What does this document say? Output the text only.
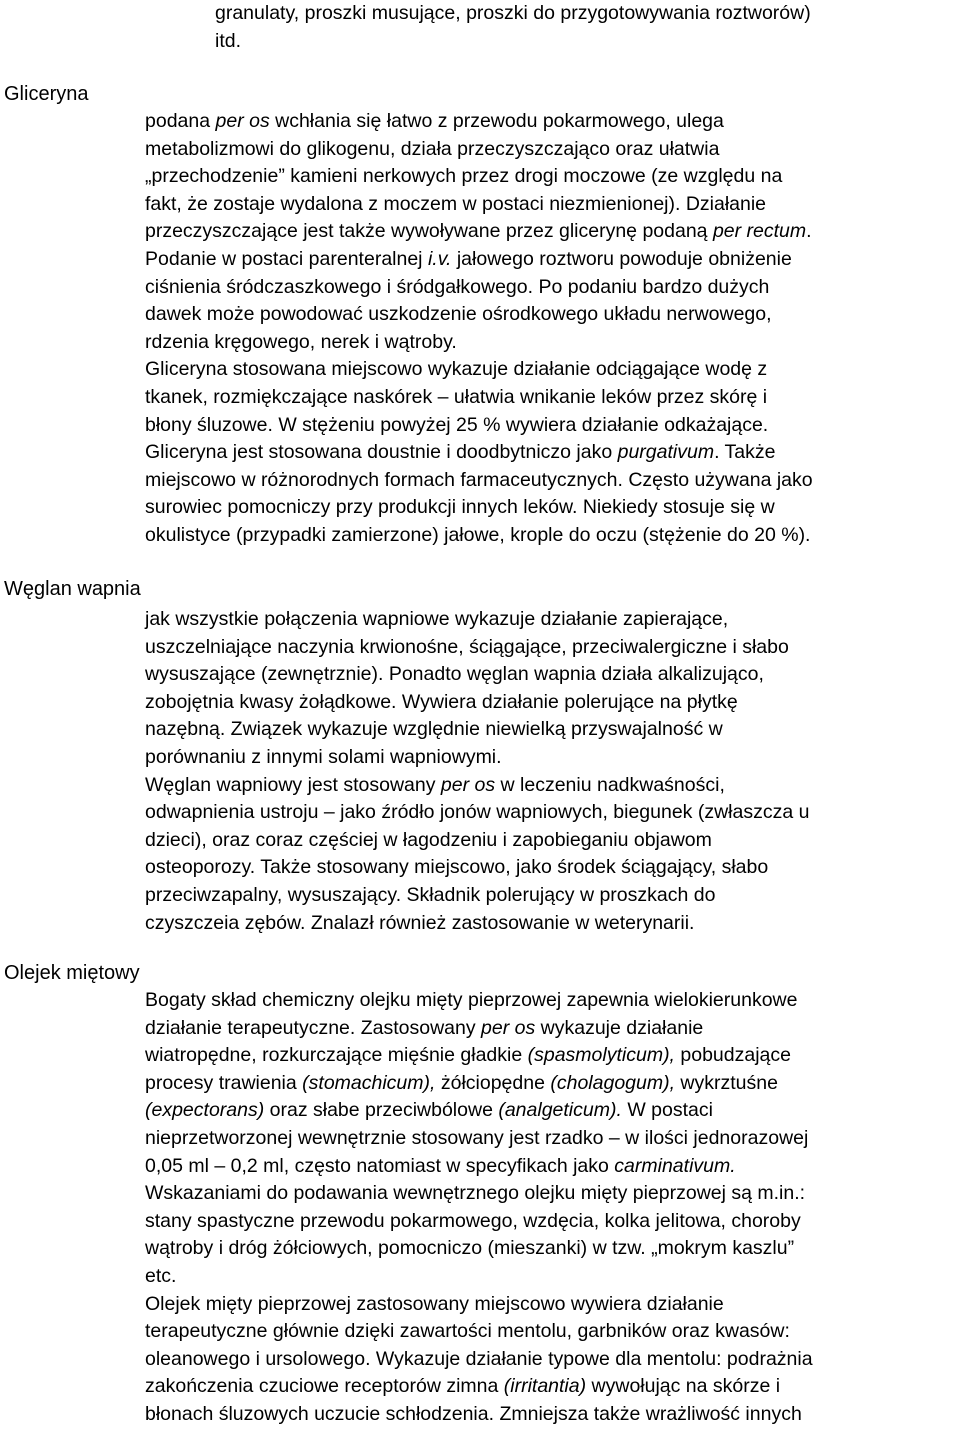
granulaty, proszki musujące, proszki do przygotowywania roztworów)
itd.
Gliceryna
podana per os wchłania się łatwo z przewodu pokarmowego, ulega
metabolizmowi do glikogenu, działa przeczyszczająco oraz ułatwia
„przechodzenie” kamieni nerkowych przez drogi moczowe (ze względu na
fakt, że zostaje wydalona z moczem w postaci niezmienionej). Działanie
przeczyszczające jest także wywoływane przez glicerynę podaną per rectum.
Podanie w postaci parenteralnej i.v. jałowego roztworu powoduje obniżenie
ciśnienia śródczaszkowego i śródgałkowego. Po podaniu bardzo dużych
dawek może powodować uszkodzenie ośrodkowego układu nerwowego,
rdzenia kręgowego, nerek i wątroby.
Gliceryna stosowana miejscowo wykazuje działanie odciągające wodę z
tkanek, rozmiękczające naskórek – ułatwia wnikanie leków przez skórę i
błony śluzowe. W stężeniu powyżej 25 % wywiera działanie odkażające.
Gliceryna jest stosowana doustnie i doodbytniczo jako purgativum. Także
miejscowo w różnorodnych formach farmaceutycznych. Często używana jako
surowiec pomocniczy przy produkcji innych leków. Niekiedy stosuje się w
okulistyce (przypadki zamierzone) jałowe, krople do oczu (stężenie do 20 %).
Węglan wapnia
jak wszystkie połączenia wapniowe wykazuje działanie zapierające,
uszczelniające naczynia krwionośne, ściągające, przeciwalergiczne i słabo
wysuszające (zewnętrznie). Ponadto węglan wapnia działa alkalizująco,
zobojętnia kwasy żołądkowe. Wywiera działanie polerujące na płytkę
nazębną. Związek wykazuje względnie niewielką przyswajalność w
porównaniu z innymi solami wapniowymi.
Węglan wapniowy jest stosowany per os w leczeniu nadkwaśności,
odwapnienia ustroju – jako źródło jonów wapniowych, biegunek (zwłaszcza u
dzieci), oraz coraz częściej w łagodzeniu i zapobieganiu objawom
osteoporozy. Także stosowany miejscowo, jako środek ściągający, słabo
przeciwzapalny, wysuszający. Składnik polerujący w proszkach do
czyszczeia zębów. Znalazł również zastosowanie w weterynarii.
Olejek miętowy
Bogaty skład chemiczny olejku mięty pieprzowej zapewnia wielokierunkowe
działanie terapeutyczne. Zastosowany per os wykazuje działanie
wiatropędne, rozkurczające mięśnie gładkie (spasmolyticum), pobudzające
procesy trawienia (stomachicum), żółciopędne (cholagogum), wykrztuśne
(expectorans) oraz słabe przeciwbólowe (analgeticum). W postaci
nieprzetworzonej wewnętrznie stosowany jest rzadko – w ilości jednorazowej
0,05 ml – 0,2 ml, często natomiast w specyfikach jako carminativum.
Wskazaniami do podawania wewnętrznego olejku mięty pieprzowej są m.in.:
stany spastyczne przewodu pokarmowego, wzdęcia, kolka jelitowa, choroby
wątroby i dróg żółciowych, pomocniczo (mieszanki) w tzw. „mokrym kaszlu”
etc.
Olejek mięty pieprzowej zastosowany miejscowo wywiera działanie
terapeutyczne głównie dzięki zawartości mentolu, garbników oraz kwasów:
oleanowego i ursolowego. Wykazuje działanie typowe dla mentolu: podrażnia
zakończenia czuciowe receptorów zimna (irritantia) wywołując na skórze i
błonach śluzowych uczucie schłodzenia. Zmniejsza także wrażliwość innych
